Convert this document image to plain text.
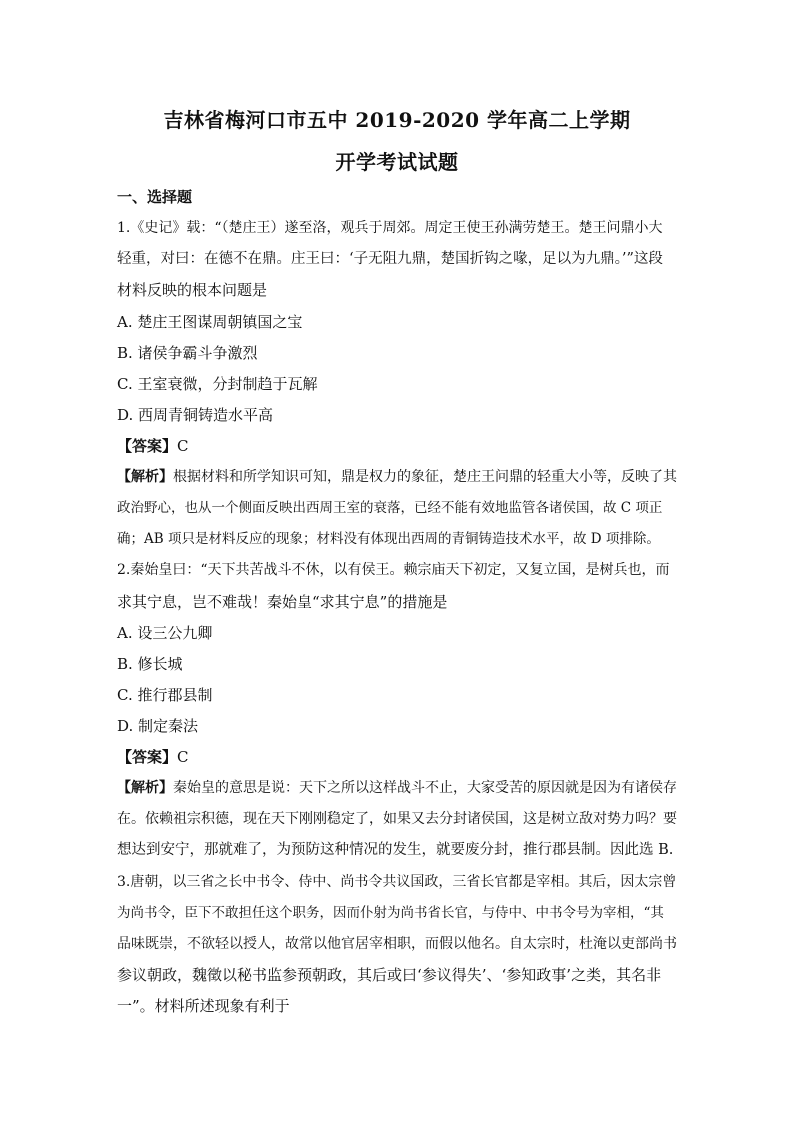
吉林省梅河口市五中 2019-2020 学年高二上学期
开学考试试题
一、选择题
1.《史记》载：“（楚庄王）遂至洛，观兵于周郊。周定王使王孙满劳楚王。楚王问鼎小大
轻重，对曰：在德不在鼎。庄王曰：‘子无阻九鼎，楚国折钩之喙，足以为九鼎。’”这段
材料反映的根本问题是
A. 楚庄王图谋周朝镇国之宝
B. 诸侯争霸斗争激烈
C. 王室衰微，分封制趋于瓦解
D. 西周青铜铸造水平高
【答案】C
【解析】根据材料和所学知识可知，鼎是权力的象征，楚庄王问鼎的轻重大小等，反映了其
政治野心，也从一个侧面反映出西周王室的衰落，已经不能有效地监管各诸侯国，故 C 项正
确；AB 项只是材料反应的现象；材料没有体现出西周的青铜铸造技术水平，故 D 项排除。
2.秦始皇曰：“天下共苦战斗不休，以有侯王。赖宗庙天下初定，又复立国，是树兵也，而
求其宁息，岂不难哉！秦始皇“求其宁息”的措施是
A. 设三公九卿
B. 修长城
C. 推行郡县制
D. 制定秦法
【答案】C
【解析】秦始皇的意思是说：天下之所以这样战斗不止，大家受苦的原因就是因为有诸侯存
在。依赖祖宗积德，现在天下刚刚稳定了，如果又去分封诸侯国，这是树立敌对势力吗？要
想达到安宁，那就难了，为预防这种情况的发生，就要废分封，推行郡县制。因此选 B.
3.唐朝，以三省之长中书令、侍中、尚书令共议国政，三省长官都是宰相。其后，因太宗曾
为尚书令，臣下不敢担任这个职务，因而仆射为尚书省长官，与侍中、中书令号为宰相，“其
品味既崇，不欲轻以授人，故常以他官居宰相职，而假以他名。自太宗时，杜淹以吏部尚书
参议朝政，魏徵以秘书监参预朝政，其后或曰‘参议得失’、‘参知政事’之类，其名非
一”。材料所述现象有利于
